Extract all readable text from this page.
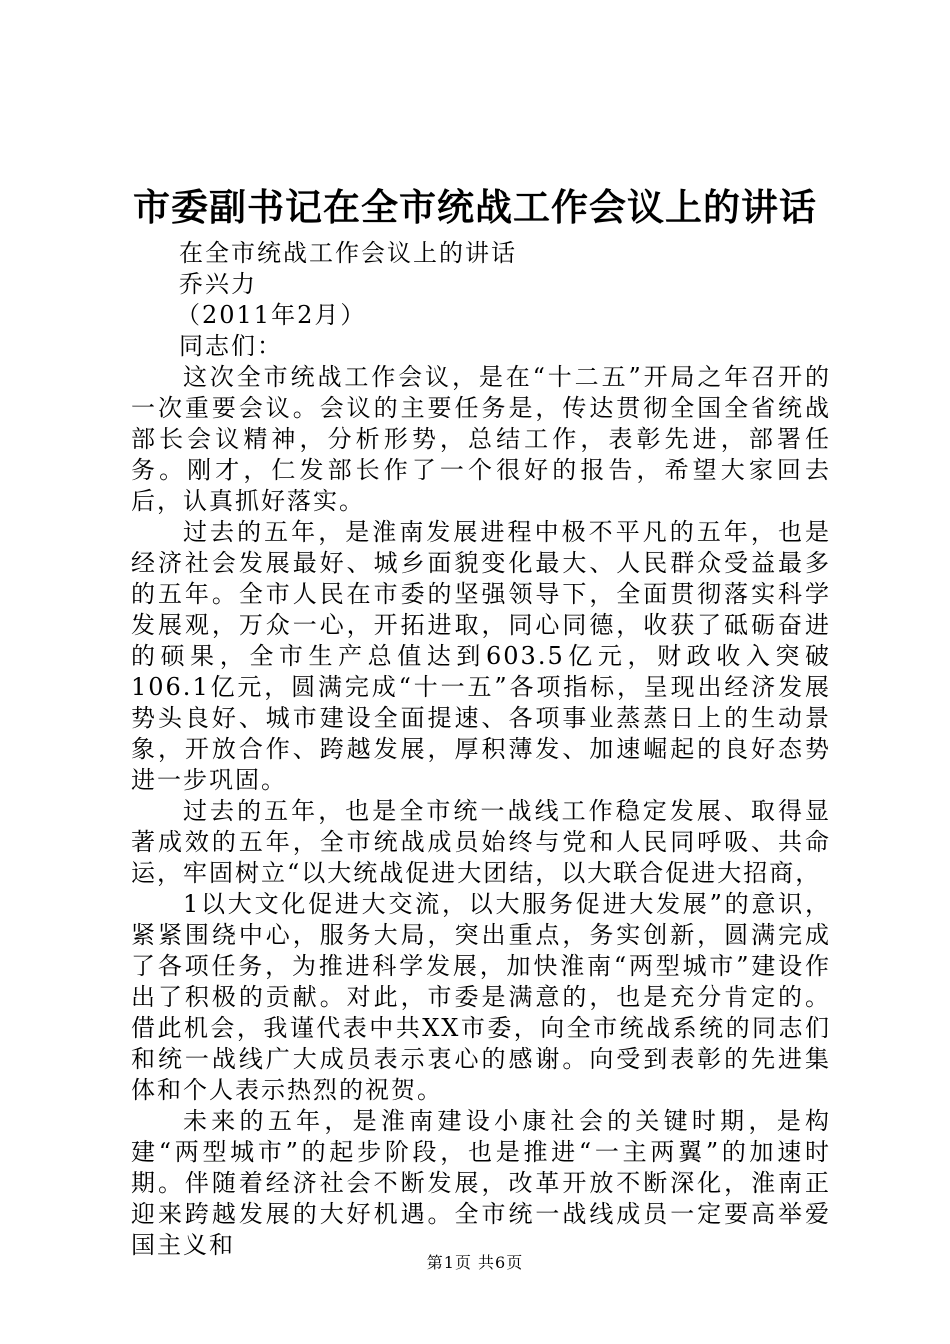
市委副书记在全市统战工作会议上的讲话
在全市统战工作会议上的讲话
乔兴力
（2011年2月）
同志们：

这次全市统战工作会议，是在“十二五”开局之年召开的一次重要会议。会议的主要任务是，传达贯彻全国全省统战部长会议精神，分析形势，总结工作，表彰先进，部署任务。刚才，仁发部长作了一个很好的报告，希望大家回去后，认真抓好落实。

过去的五年，是淮南发展进程中极不平凡的五年，也是经济社会发展最好、城乡面貌变化最大、人民群众受益最多的五年。全市人民在市委的坚强领导下，全面贯彻落实科学发展观，万众一心，开拓进取，同心同德，收获了砥砺奋进的硕果，全市生产总值达到603.5亿元，财政收入突破106.1亿元，圆满完成“十一五”各项指标，呈现出经济发展势头良好、城市建设全面提速、各项事业蒸蒸日上的生动景象，开放合作、跨越发展，厚积薄发、加速崛起的良好态势进一步巩固。

过去的五年，也是全市统一战线工作稳定发展、取得显著成效的五年，全市统战成员始终与党和人民同呼吸、共命运，牢固树立“以大统战促进大团结，以大联合促进大招商，

1以大文化促进大交流，以大服务促进大发展”的意识，紧紧围绕中心，服务大局，突出重点，务实创新，圆满完成了各项任务，为推进科学发展，加快淮南“两型城市”建设作出了积极的贡献。对此，市委是满意的，也是充分肯定的。借此机会，我谨代表中共XX市委，向全市统战系统的同志们和统一战线广大成员表示衷心的感谢。向受到表彰的先进集体和个人表示热烈的祝贺。

未来的五年，是淮南建设小康社会的关键时期，是构建“两型城市”的起步阶段，也是推进“一主两翼”的加速时期。伴随着经济社会不断发展，改革开放不断深化，淮南正迎来跨越发展的大好机遇。全市统一战线成员一定要高举爱国主义和

第1页 共6页
